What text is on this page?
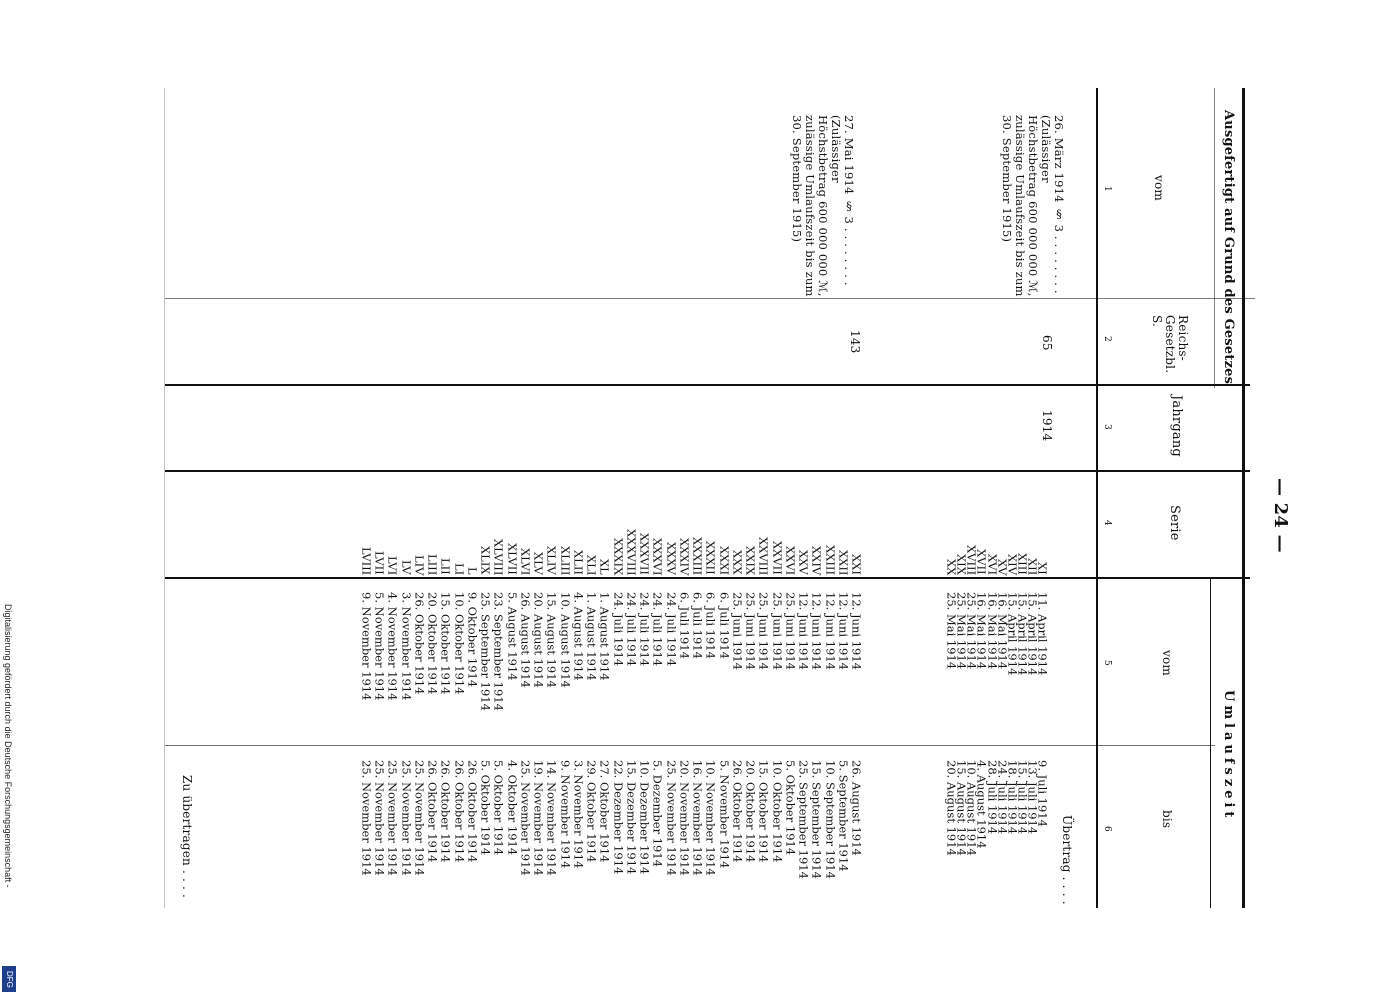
— 24 —
Ausgefertigt auf Grund des Gesetzes
Umlaufszeit
vom
Reichs-
Gesetzbl.
S.
Jahrgang
Serie
vom
bis
1
2
3
4
5
6
26. März 1914 § 3 . . . . . . . .
(Zulässiger
Höchstbetrag 600 000 000 ℳ,
zulässige Umlaufszeit bis zum
30. September 1915)
65
1914
27. Mai 1914 § 3 . . . . . . . .
(Zulässiger
Höchstbetrag 600 000 000 ℳ,
zulässige Umlaufszeit bis zum
30. September 1915)
143
Übertrag . . . .
Zu übertragen . . . .
XI
11. April 1914
9. Juli 1914
XII
15. April 1914
13. Juli 1914
XIII
15. April 1914
15. Juli 1914
XIV
15. April 1914
18. Juli 1914
XV
16. Mai 1914
24. Juli 1914
XVI
16. Mai 1914
28. Juli 1914
XVII
16. Mai 1914
4. August 1914
XVIII
25. Mai 1914
10. August 1914
XIX
25. Mai 1914
15. August 1914
XX
25. Mai 1914
20. August 1914
XXI
12. Juni 1914
26. August 1914
XXII
12. Juni 1914
5. September 1914
XXIII
12. Juni 1914
10. September 1914
XXIV
12. Juni 1914
15. September 1914
XXV
12. Juni 1914
25. September 1914
XXVI
25. Juni 1914
5. Oktober 1914
XXVII
25. Juni 1914
10. Oktober 1914
XXVIII
25. Juni 1914
15. Oktober 1914
XXIX
25. Juni 1914
20. Oktober 1914
XXX
25. Juni 1914
26. Oktober 1914
XXXI
6. Juli 1914
5. November 1914
XXXII
6. Juli 1914
10. November 1914
XXXIII
6. Juli 1914
16. November 1914
XXXIV
6. Juli 1914
20. November 1914
XXXV
24. Juli 1914
25. November 1914
XXXVI
24. Juli 1914
5. Dezember 1914
XXXVII
24. Juli 1914
10. Dezember 1914
XXXVIII
24. Juli 1914
15. Dezember 1914
XXXIX
24. Juli 1914
22. Dezember 1914
XL
1. August 1914
27. Oktober 1914
XLI
1. August 1914
29. Oktober 1914
XLII
4. August 1914
3. November 1914
XLIII
10. August 1914
9. November 1914
XLIV
15. August 1914
14. November 1914
XLV
20. August 1914
19. November 1914
XLVI
26. August 1914
25. November 1914
XLVII
5. August 1914
4. Oktober 1914
XLVIII
23. September 1914
5. Oktober 1914
XLIX
25. September 1914
5. Oktober 1914
L
9. Oktober 1914
26. Oktober 1914
LI
10. Oktober 1914
26. Oktober 1914
LII
15. Oktober 1914
26. Oktober 1914
LIII
20. Oktober 1914
26. Oktober 1914
LIV
26. Oktober 1914
25. November 1914
LV
3. November 1914
25. November 1914
LVI
4. November 1914
25. November 1914
LVII
5. November 1914
25. November 1914
LVIII
9. November 1914
25. November 1914
Digitalisierung gefördert durch die Deutsche Forschungsgemeinschaft -
DFG
